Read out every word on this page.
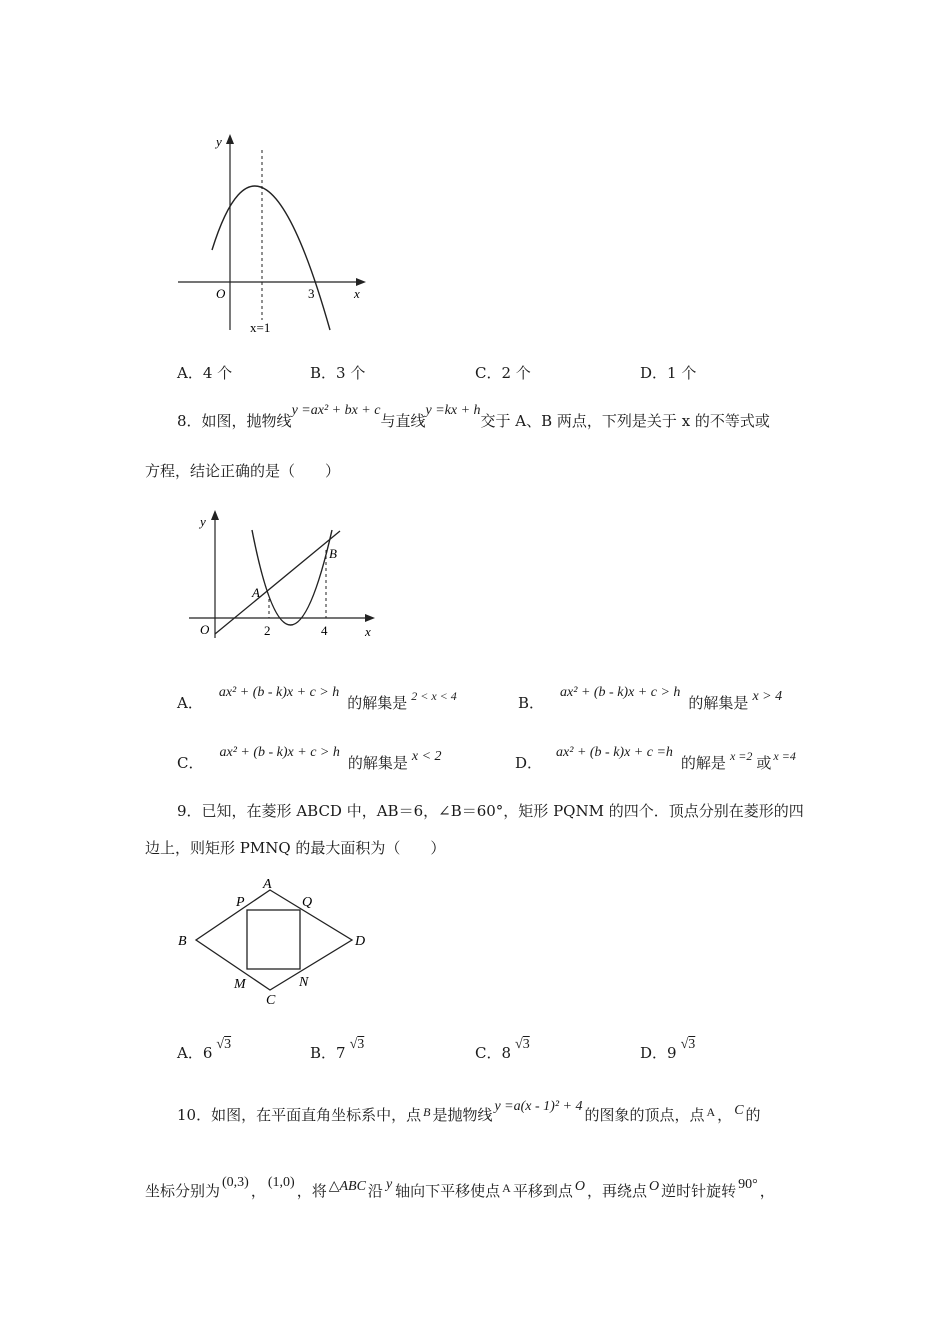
y
x
O	3
x=1
A．4 个	B．3 个	C．2 个	D．1 个
8．如图，抛物线y =ax² + bx + c与直线y =kx + h交于 A、B 两点，下列是关于 x 的不等式或
方程，结论正确的是（　　）
y
x
O	2	4
A
B
A．ax² + (b - k)x + c > h的解集是 $^{2 < x < 4}$	B．ax² + (b - k)x + c > h的解集是 x > 4
C．ax² + (b - k)x + c > h的解集是 x < 2	D．ax² + (b - k)x + c =h的解是 $^{x =2}$ 或 $^{x =4}$
9．已知，在菱形 ABCD 中，AB＝6，∠B＝60°，矩形 PQNM 的四个．顶点分别在菱形的四
边上，则矩形 PMNQ 的最大面积为（　　）
A
B
C
D
P	Q
M	N
A．6 √3	B．7 √3	C．8 √3	D．9 √3
10．如图，在平面直角坐标系中，点 $^B$ 是抛物线 y =a(x - 1)² + 4 的图象的顶点，点 $^A$ ， C 的
坐标分别为 (0,3) ， (1,0) ，将 △ABC 沿 y 轴向下平移使点 $^A$ 平移到点 O ，再绕点 O 逆时针旋转 90° ，
